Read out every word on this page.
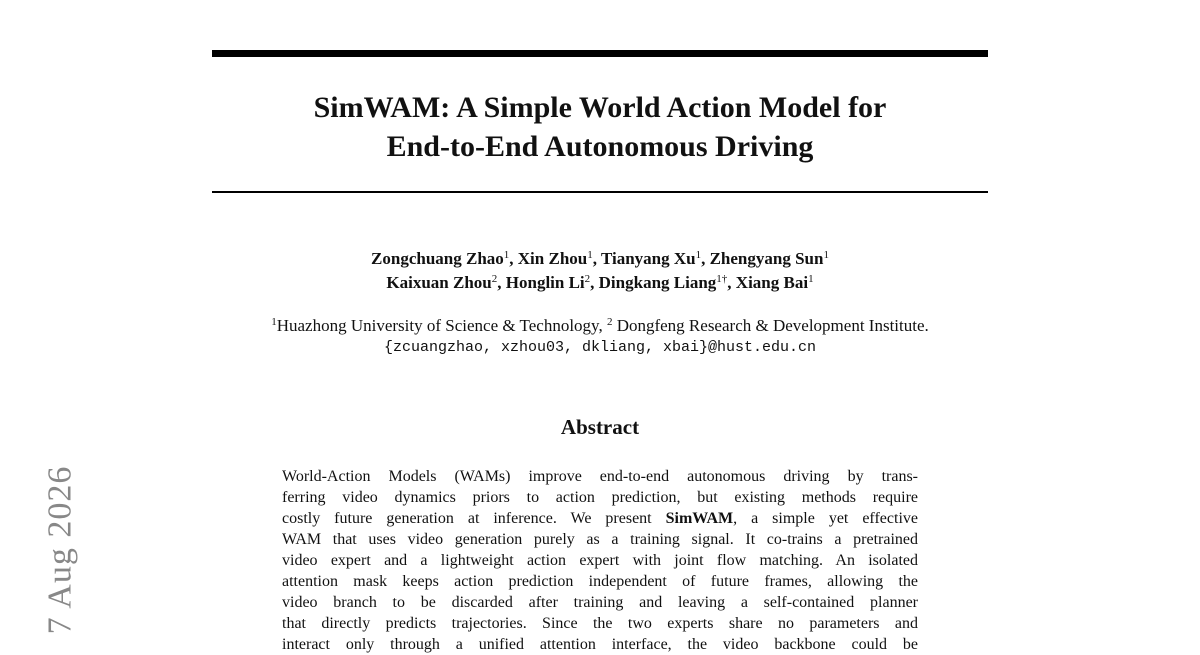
SimWAM: A Simple World Action Model for
End-to-End Autonomous Driving
Zongchuang Zhao$^1$, Xin Zhou$^1$, Tianyang Xu$^1$, Zhengyang Sun$^1$
Kaixuan Zhou$^2$, Honglin Li$^2$, Dingkang Liang$^{1\dagger}$, Xiang Bai$^1$
$^1$Huazhong University of Science & Technology, $^2$ Dongfeng Research & Development Institute.
{zcuangzhao, xzhou03, dkliang, xbai}@hust.edu.cn
Abstract
World-Action Models (WAMs) improve end-to-end autonomous driving by trans-
ferring video dynamics priors to action prediction, but existing methods require
costly future generation at inference. We present SimWAM, a simple yet effective
WAM that uses video generation purely as a training signal. It co-trains a pretrained
video expert and a lightweight action expert with joint flow matching. An isolated
attention mask keeps action prediction independent of future frames, allowing the
video branch to be discarded after training and leaving a self-contained planner
that directly predicts trajectories. Since the two experts share no parameters and
interact only through a unified attention interface, the video backbone could be
7 Aug 2026
